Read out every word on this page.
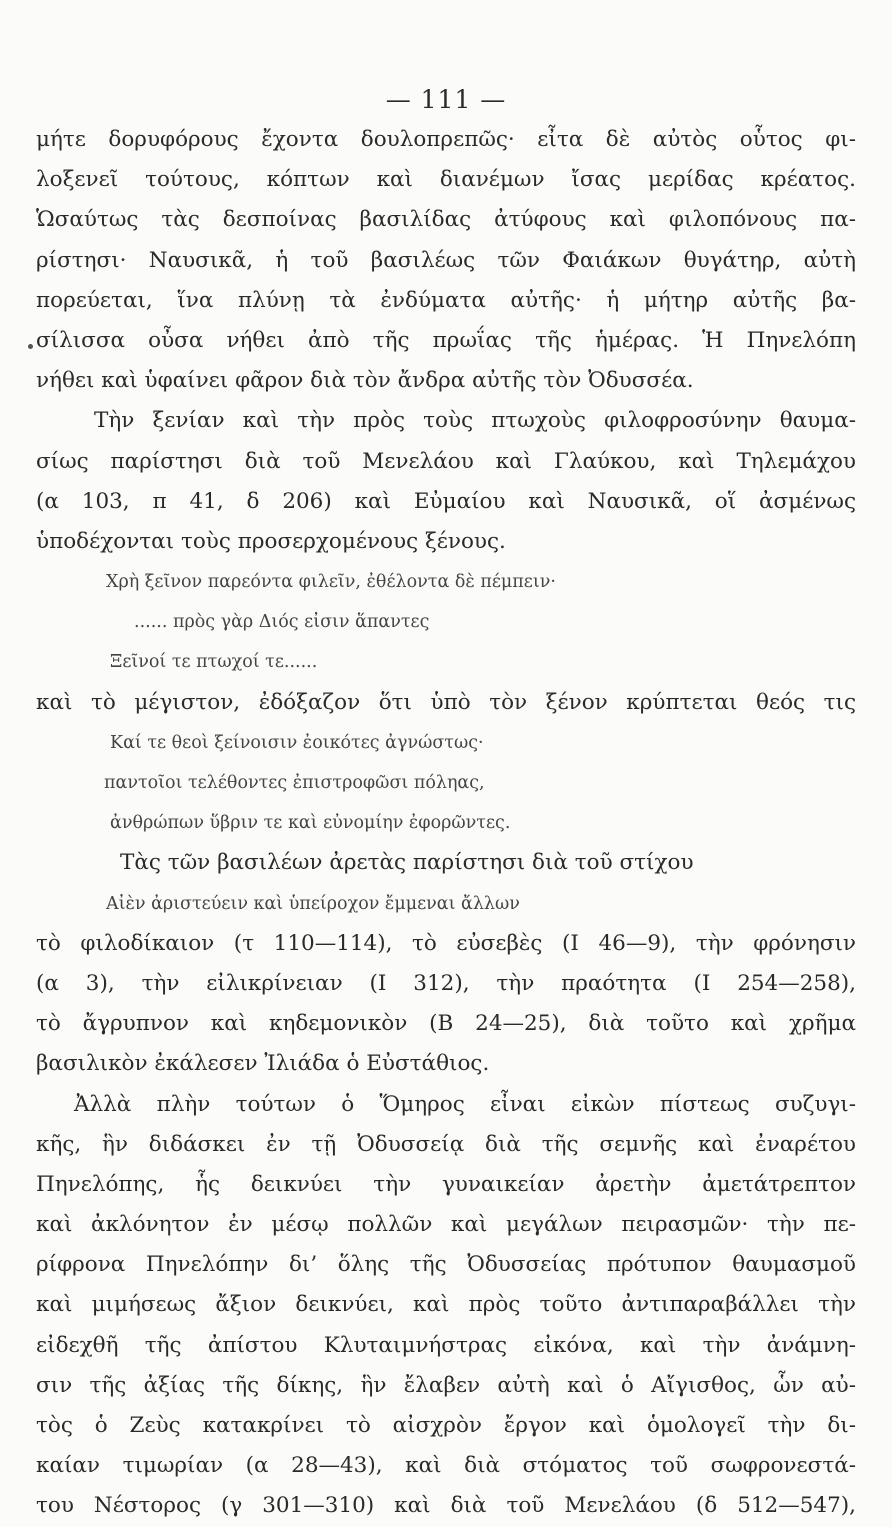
— 111 —
μήτε δορυφόρους ἔχοντα δουλοπρεπῶς· εἶτα δὲ αὐτὸς οὗτος φι-
λοξενεῖ τούτους, κόπτων καὶ διανέμων ἴσας μερίδας κρέατος.
Ὡσαύτως τὰς δεσποίνας βασιλίδας ἀτύφους καὶ φιλοπόνους πα-
ρίστησι· Ναυσικᾶ, ἡ τοῦ βασιλέως τῶν Φαιάκων θυγάτηρ, αὐτὴ
πορεύεται, ἵνα πλύνῃ τὰ ἐνδύματα αὐτῆς· ἡ μήτηρ αὐτῆς βα-
σίλισσα οὖσα νήθει ἀπὸ τῆς πρωΐας τῆς ἡμέρας. Ἡ Πηνελόπη
νήθει καὶ ὑφαίνει φᾶρον διὰ τὸν ἄνδρα αὐτῆς τὸν Ὀδυσσέα.
Τὴν ξενίαν καὶ τὴν πρὸς τοὺς πτωχοὺς φιλοφροσύνην θαυμα-
σίως παρίστησι διὰ τοῦ Μενελάου καὶ Γλαύκου, καὶ Τηλεμάχου
(α 103, π 41, δ 206) καὶ Εὐμαίου καὶ Ναυσικᾶ, οἵ ἀσμένως
ὑποδέχονται τοὺς προσερχομένους ξένους.
Χρὴ ξεῖνον παρεόντα φιλεῖν, ἐθέλοντα δὲ πέμπειν·
...... πρὸς γὰρ Διός εἰσιν ἅπαντες
Ξεῖνοί τε πτωχοί τε......
καὶ τὸ μέγιστον, ἐδόξαζον ὅτι ὑπὸ τὸν ξένον κρύπτεται θεός τις
Καί τε θεοὶ ξείνοισιν ἐοικότες ἀγνώστως·
παντοῖοι τελέθοντες ἐπιστροφῶσι πόληας,
ἀνθρώπων ὕβριν τε καὶ εὐνομίην ἐφορῶντες.
Τὰς τῶν βασιλέων ἀρετὰς παρίστησι διὰ τοῦ στίχου
Αἰὲν ἀριστεύειν καὶ ὑπείροχον ἔμμεναι ἄλλων
τὸ φιλοδίκαιον (τ 110—114), τὸ εὐσεβὲς (Ι 46—9), τὴν φρόνησιν
(α 3), τὴν εἰλικρίνειαν (Ι 312), τὴν πραότητα (Ι 254—258),
τὸ ἄγρυπνον καὶ κηδεμονικὸν (Β 24—25), διὰ τοῦτο καὶ χρῆμα
βασιλικὸν ἐκάλεσεν Ἰλιάδα ὁ Εὐστάθιος.
Ἀλλὰ πλὴν τούτων ὁ Ὅμηρος εἶναι εἰκὼν πίστεως συζυγι-
κῆς, ἣν διδάσκει ἐν τῇ Ὀδυσσείᾳ διὰ τῆς σεμνῆς καὶ ἐναρέτου
Πηνελόπης, ἧς δεικνύει τὴν γυναικείαν ἀρετὴν ἀμετάτρεπτον
καὶ ἀκλόνητον ἐν μέσῳ πολλῶν καὶ μεγάλων πειρασμῶν· τὴν πε-
ρίφρονα Πηνελόπην δι’ ὅλης τῆς Ὀδυσσείας πρότυπον θαυμασμοῦ
καὶ μιμήσεως ἄξιον δεικνύει, καὶ πρὸς τοῦτο ἀντιπαραβάλλει τὴν
εἰδεχθῆ τῆς ἀπίστου Κλυταιμνήστρας εἰκόνα, καὶ τὴν ἀνάμνη-
σιν τῆς ἀξίας τῆς δίκης, ἣν ἔλαβεν αὐτὴ καὶ ὁ Αἴγισθος, ὧν αὐ-
τὸς ὁ Ζεὺς κατακρίνει τὸ αἰσχρὸν ἔργον καὶ ὁμολογεῖ τὴν δι-
καίαν τιμωρίαν (α 28—43), καὶ διὰ στόματος τοῦ σωφρονεστά-
του Νέστορος (γ 301—310) καὶ διὰ τοῦ Μενελάου (δ 512—547),
